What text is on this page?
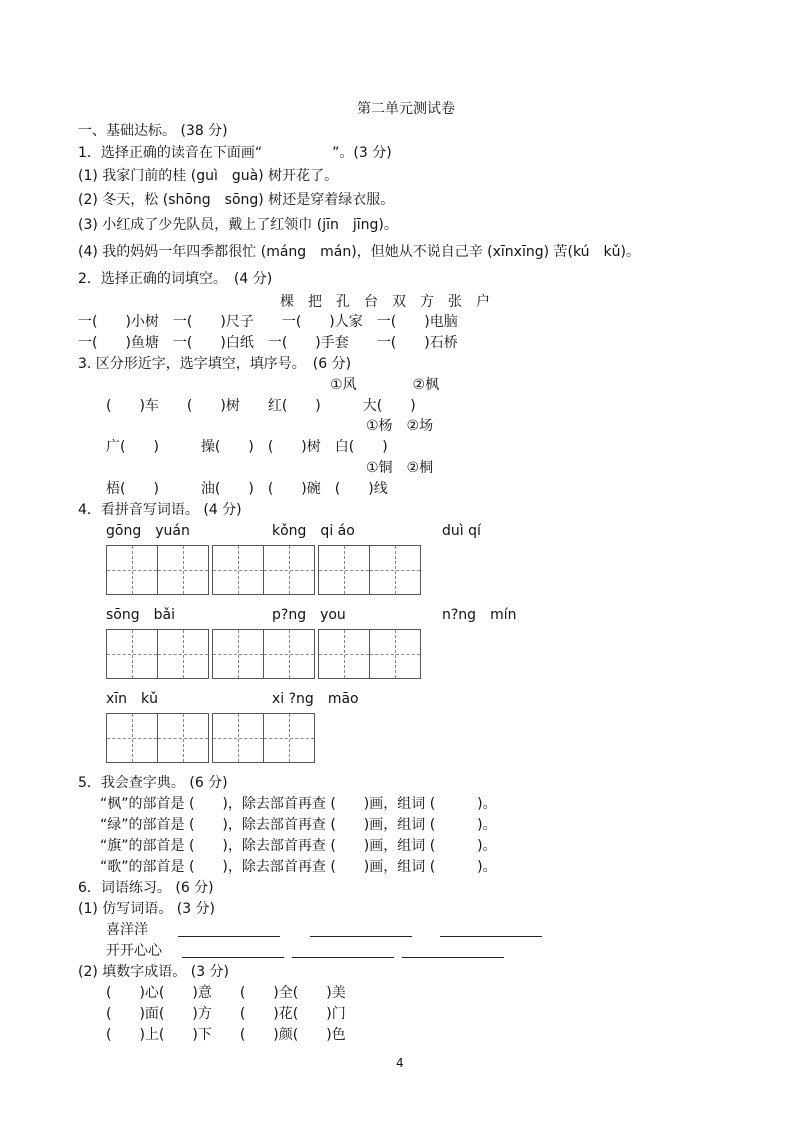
第二单元测试卷
一、基础达标。 (38 分)
1．选择正确的读音在下面画“　　　　　”。(3 分)
(1) 我家门前的桂 (guì　guà) 树开花了。
(2) 冬天，松 (shōng　sōng) 树还是穿着绿衣服。
(3) 小红成了少先队员，戴上了红领巾 (jīn　jīng)。
(4) 我的妈妈一年四季都很忙 (máng　mán)，但她从不说自己辛 (xīnxīng) 苦(kú　kǔ)。
2．选择正确的词填空。　(4 分)
棵　把　孔　台　双　方　张　户
一(　　)小树　一(　　)尺子　　一(　　)人家　一(　　)电脑
一(　　)鱼塘　一(　　)白纸　一(　　)手套　　一(　　)石桥
3. 区分形近字，选字填空，填序号。　(6 分)
①风　　　　②枫
(　　)车　　(　　)树　　红(　　)　　　大(　　)
①杨　②场
广(　　)　　　操(　　)　(　　)树　白(　　)
①铜　②桐
梧(　　)　　　油(　　)　(　　)碗　(　　)线
4．看拼音写词语。 (4 分)
gōng　yuán	kǒng　qi áo	duì qí
sōng　bǎi	p?ng　you	n?ng　mín
xīn　kǔ	xi ?ng　māo
5．我会查字典。 (6 分)
“枫”的部首是 (　　)，除去部首再查 (　　)画，组词 (　　　)。
“绿”的部首是 (　　)，除去部首再查 (　　)画，组词 (　　　)。
“旗”的部首是 (　　)，除去部首再查 (　　)画，组词 (　　　)。
“歌”的部首是 (　　)，除去部首再查 (　　)画，组词 (　　　)。
6．词语练习。 (6 分)
(1) 仿写词语。 (3 分)
喜洋洋
开开心心
(2) 填数字成语。 (3 分)
(　　)心(　　)意　　(　　)全(　　)美
(　　)面(　　)方　　(　　)花(　　)门
(　　)上(　　)下　　(　　)颜(　　)色
4
